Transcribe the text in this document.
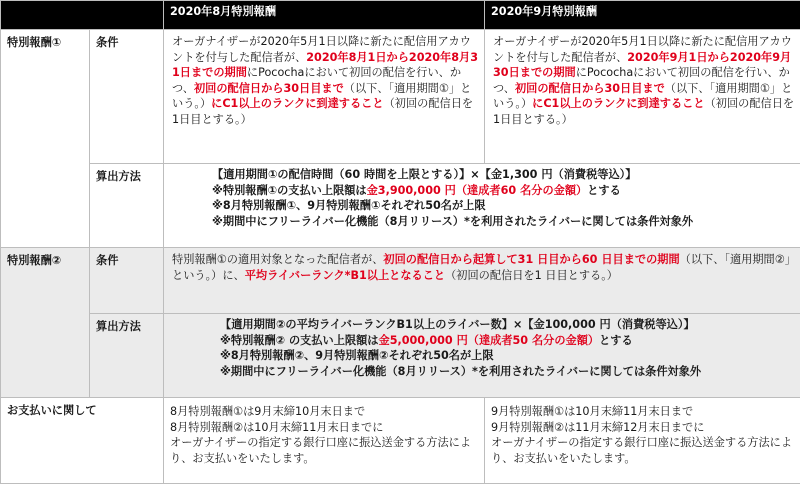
		2020年8月特別報酬	2020年9月特別報酬
特別報酬①	条件	オーガナイザーが2020年5月1日以降に新たに配信用アカウントを付与した配信者が、2020年8月1日から2020年8月31日までの期間にPocochaにおいて初回の配信を行い、かつ、初回の配信日から30日目まで（以下、「適用期間①」という。）にC1以上のランクに到達すること（初回の配信日を1日目とする。）	オーガナイザーが2020年5月1日以降に新たに配信用アカウントを付与した配信者が、2020年9月1日から2020年9月30日までの期間にPocochaにおいて初回の配信を行い、かつ、初回の配信日から30日目まで（以下、「適用期間①」という。）にC1以上のランクに到達すること（初回の配信日を1日目とする。）
	算出方法	【適用期間①の配信時間（60 時間を上限とする）】×【金1,300 円（消費税等込）】
※特別報酬①の支払い上限額は金3,900,000 円（達成者60 名分の金額）とする
※8月特別報酬①、9月特別報酬①それぞれ50名が上限
※期間中にフリーライバー化機能（8月リリース）*を利用されたライバーに関しては条件対象外	

特別報酬②	条件	特別報酬①の適用対象となった配信者が、初回の配信日から起算して31 日目から60 日目までの期間（以下、「適用期間②」という。）に、平均ライバーランク*B1以上となること（初回の配信日を1 日目とする。）	
	算出方法	【適用期間②の平均ライバーランクB1以上のライバー数】×【金100,000 円（消費税等込）】
※特別報酬② の支払い上限額は金5,000,000 円（達成者50 名分の金額）とする
※8月特別報酬②、9月特別報酬②それぞれ50名が上限
※期間中にフリーライバー化機能（8月リリース）*を利用されたライバーに関しては条件対象外	

お支払いに関して		8月特別報酬①は9月末締10月末日まで
8月特別報酬②は10月末締11月末日までに
オーガナイザーの指定する銀行口座に振込送金する方法により、お支払いをいたします。	9月特別報酬①は10月末締11月末日まで
9月特別報酬②は11月末締12月末日までに
オーガナイザーの指定する銀行口座に振込送金する方法により、お支払いをいたします。
